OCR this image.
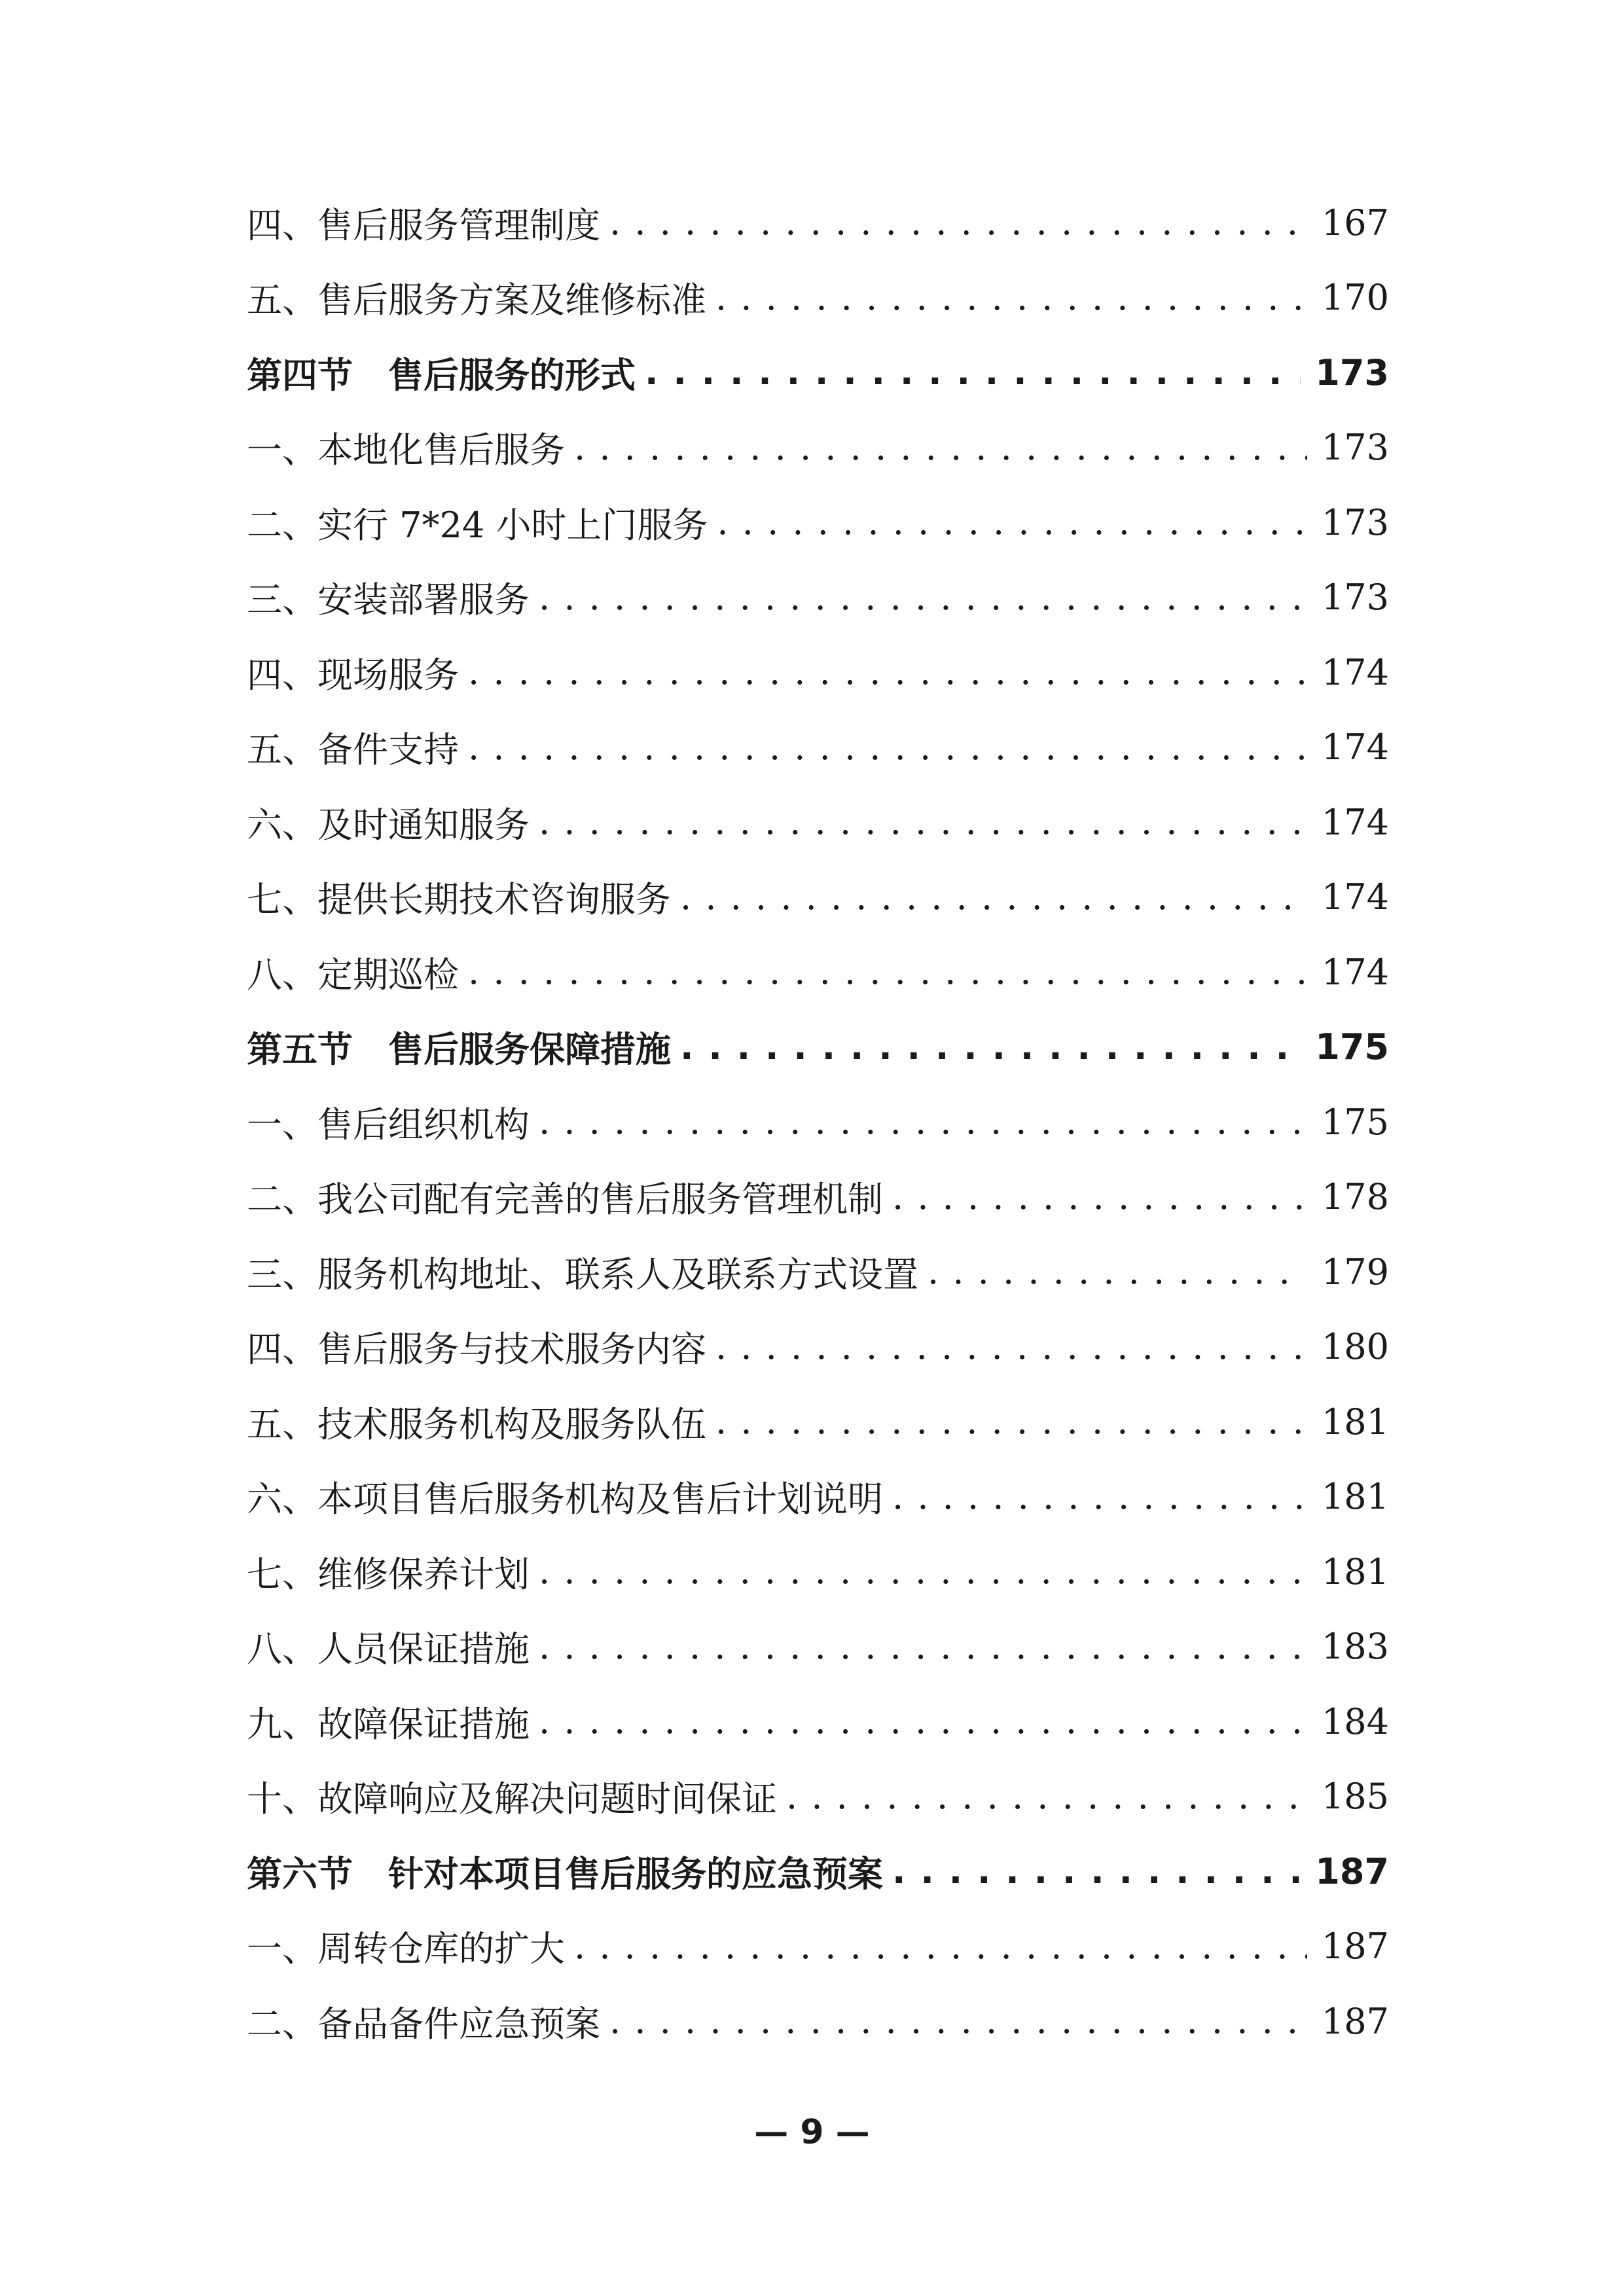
四、售后服务管理制度 . . .	167
五、售后服务方案及维修标准 . . .	170
第四节　售后服务的形式 . . .	173
一、本地化售后服务 . . .	173
二、实行 7*24 小时上门服务 . . .	173
三、安装部署服务 . . .	173
四、现场服务 . . .	174
五、备件支持 . . .	174
六、及时通知服务 . . .	174
七、提供长期技术咨询服务 . . .	174
八、定期巡检 . . .	174
第五节　售后服务保障措施 . . .	175
一、售后组织机构 . . .	175
二、我公司配有完善的售后服务管理机制 . . .	178
三、服务机构地址、联系人及联系方式设置 . . .	179
四、售后服务与技术服务内容 . . .	180
五、技术服务机构及服务队伍 . . .	181
六、本项目售后服务机构及售后计划说明 . . .	181
七、维修保养计划 . . .	181
八、人员保证措施 . . .	183
九、故障保证措施 . . .	184
十、故障响应及解决问题时间保证 . . .	185
第六节　针对本项目售后服务的应急预案 . . .	187
一、周转仓库的扩大 . . .	187
二、备品备件应急预案 . . .	187
— 9 —
